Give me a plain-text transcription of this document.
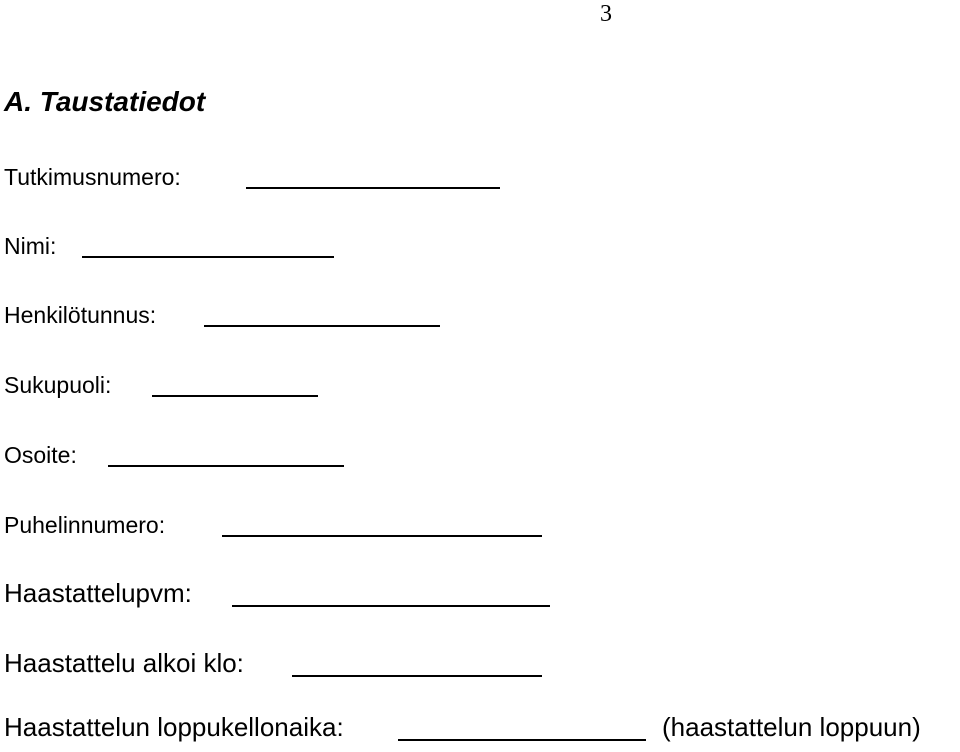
3
A. Taustatiedot
Tutkimusnumero:
Nimi:
Henkilötunnus:
Sukupuoli:
Osoite:
Puhelinnumero:
Haastattelupvm:
Haastattelu alkoi klo:
Haastattelun loppukellonaika:	(haastattelun loppuun)
